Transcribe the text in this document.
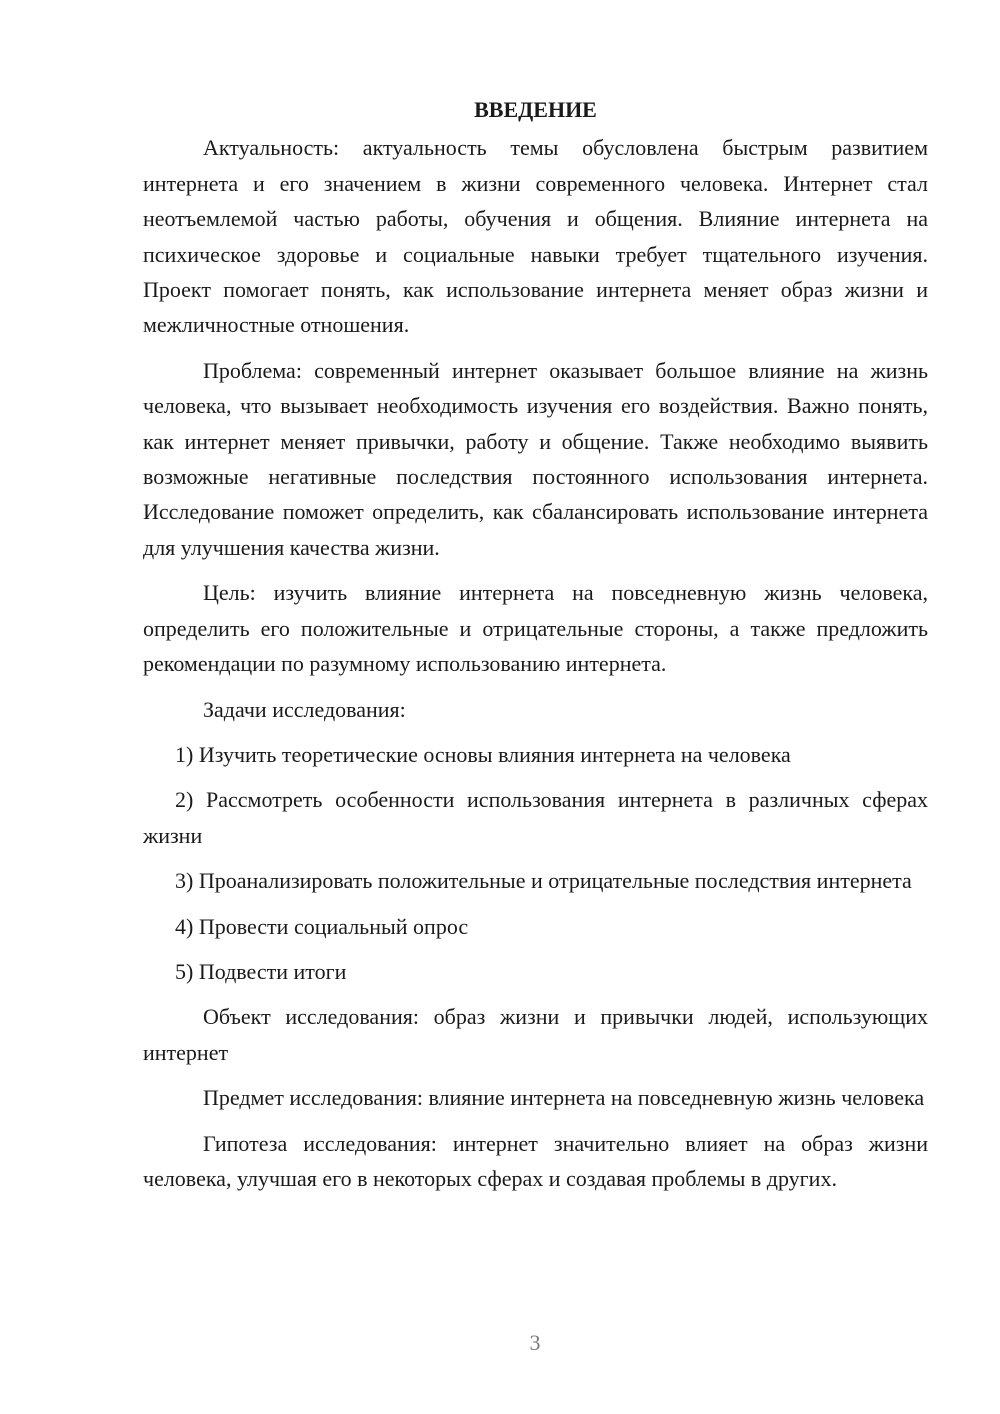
ВВЕДЕНИЕ

Актуальность: актуальность темы обусловлена быстрым развитием интернета и его значением в жизни современного человека. Интернет стал неотъемлемой частью работы, обучения и общения. Влияние интернета на психическое здоровье и социальные навыки требует тщательного изучения. Проект помогает понять, как использование интернета меняет образ жизни и межличностные отношения.

Проблема: современный интернет оказывает большое влияние на жизнь человека, что вызывает необходимость изучения его воздействия. Важно понять, как интернет меняет привычки, работу и общение. Также необходимо выявить возможные негативные последствия постоянного использования интернета. Исследование поможет определить, как сбалансировать использование интернета для улучшения качества жизни.

Цель: изучить влияние интернета на повседневную жизнь человека, определить его положительные и отрицательные стороны, а также предложить рекомендации по разумному использованию интернета.

Задачи исследования:

1) Изучить теоретические основы влияния интернета на человека

2) Рассмотреть особенности использования интернета в различных сферах жизни

3) Проанализировать положительные и отрицательные последствия интернета

4) Провести социальный опрос

5) Подвести итоги

Объект исследования: образ жизни и привычки людей, использующих интернет

Предмет исследования: влияние интернета на повседневную жизнь человека

Гипотеза исследования: интернет значительно влияет на образ жизни человека, улучшая его в некоторых сферах и создавая проблемы в других.

3
